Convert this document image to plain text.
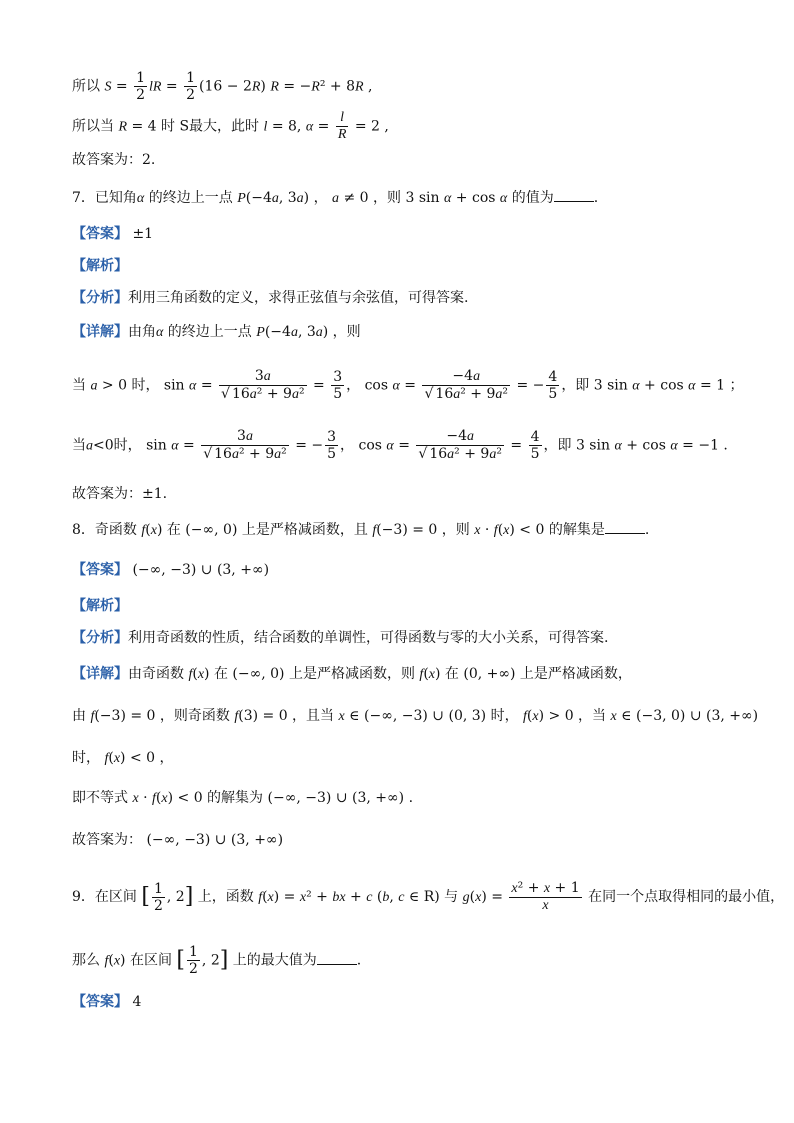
所以 $S = \frac{1}{2}$ lR = $\frac{1}{2} (16 - 2R) R = -R^2 + 8R$ ,
所以当 R = 4 时 S最大，此时 l = 8, $\alpha = \frac{l}{R} = 2$ ,
故答案为：2.
7．已知角α 的终边上一点 P(−4a, 3a) ， a ≠ 0 ，则 3 sin α + cos α 的值为	.
【答案】 ±1
【解析】
【分析】利用三角函数的定义，求得正弦值与余弦值，可得答案.
【详解】由角α 的终边上一点 P(−4a, 3a) ，则
当 a > 0 时， $\sin \alpha = \frac{3a}{\text{√ 16a² + 9a²}} = \frac{3}{5}$ ， $\cos \alpha = \frac{-4a}{\text{√ 16a² + 9a²}}$ = − $\frac{4}{5}$ ，即 3 sin α + cos α = 1 ；
当a<0时， $\sin \alpha = \frac{3a}{\text{√ 16a² + 9a²}}$ = − $\frac{3}{5}$ ， $\cos \alpha = \frac{-4a}{\text{√ 16a² + 9a²}} = \frac{4}{5}$ ，即 3 sin α + cos α = −1 .
故答案为：±1.
8．奇函数 f(x) 在 (−∞, 0) 上是严格减函数，且 f(−3) = 0 ，则 x · f(x) < 0 的解集是	.
【答案】 (−∞, −3) ∪ (3, +∞)
【解析】
【分析】利用奇函数的性质，结合函数的单调性，可得函数与零的大小关系，可得答案.
【详解】由奇函数 f(x) 在 (−∞, 0) 上是严格减函数，则 f(x) 在 (0, +∞) 上是严格减函数，
由 f(−3) = 0 ，则奇函数 f(3) = 0 ，且当 x ∈ (−∞, −3) ∪ (0, 3) 时， f(x) > 0 ，当 x ∈ (−3, 0) ∪ (3, +∞)
时， f(x) < 0 ，
即不等式 x · f(x) < 0 的解集为 (−∞, −3) ∪ (3, +∞) .
故答案为： (−∞, −3) ∪ (3, +∞)
9．在区间 [ $\frac{1}{2}$ , 2] 上，函数 f(x) = x² + bx + c (b, c ∈ R) 与 $g(x) = \frac{\text{x² + x + 1}}{x}$ 在同一个点取得相同的最小值，
那么 f(x) 在区间 [ $\frac{1}{2}$ , 2] 上的最大值为	.
【答案】 4
